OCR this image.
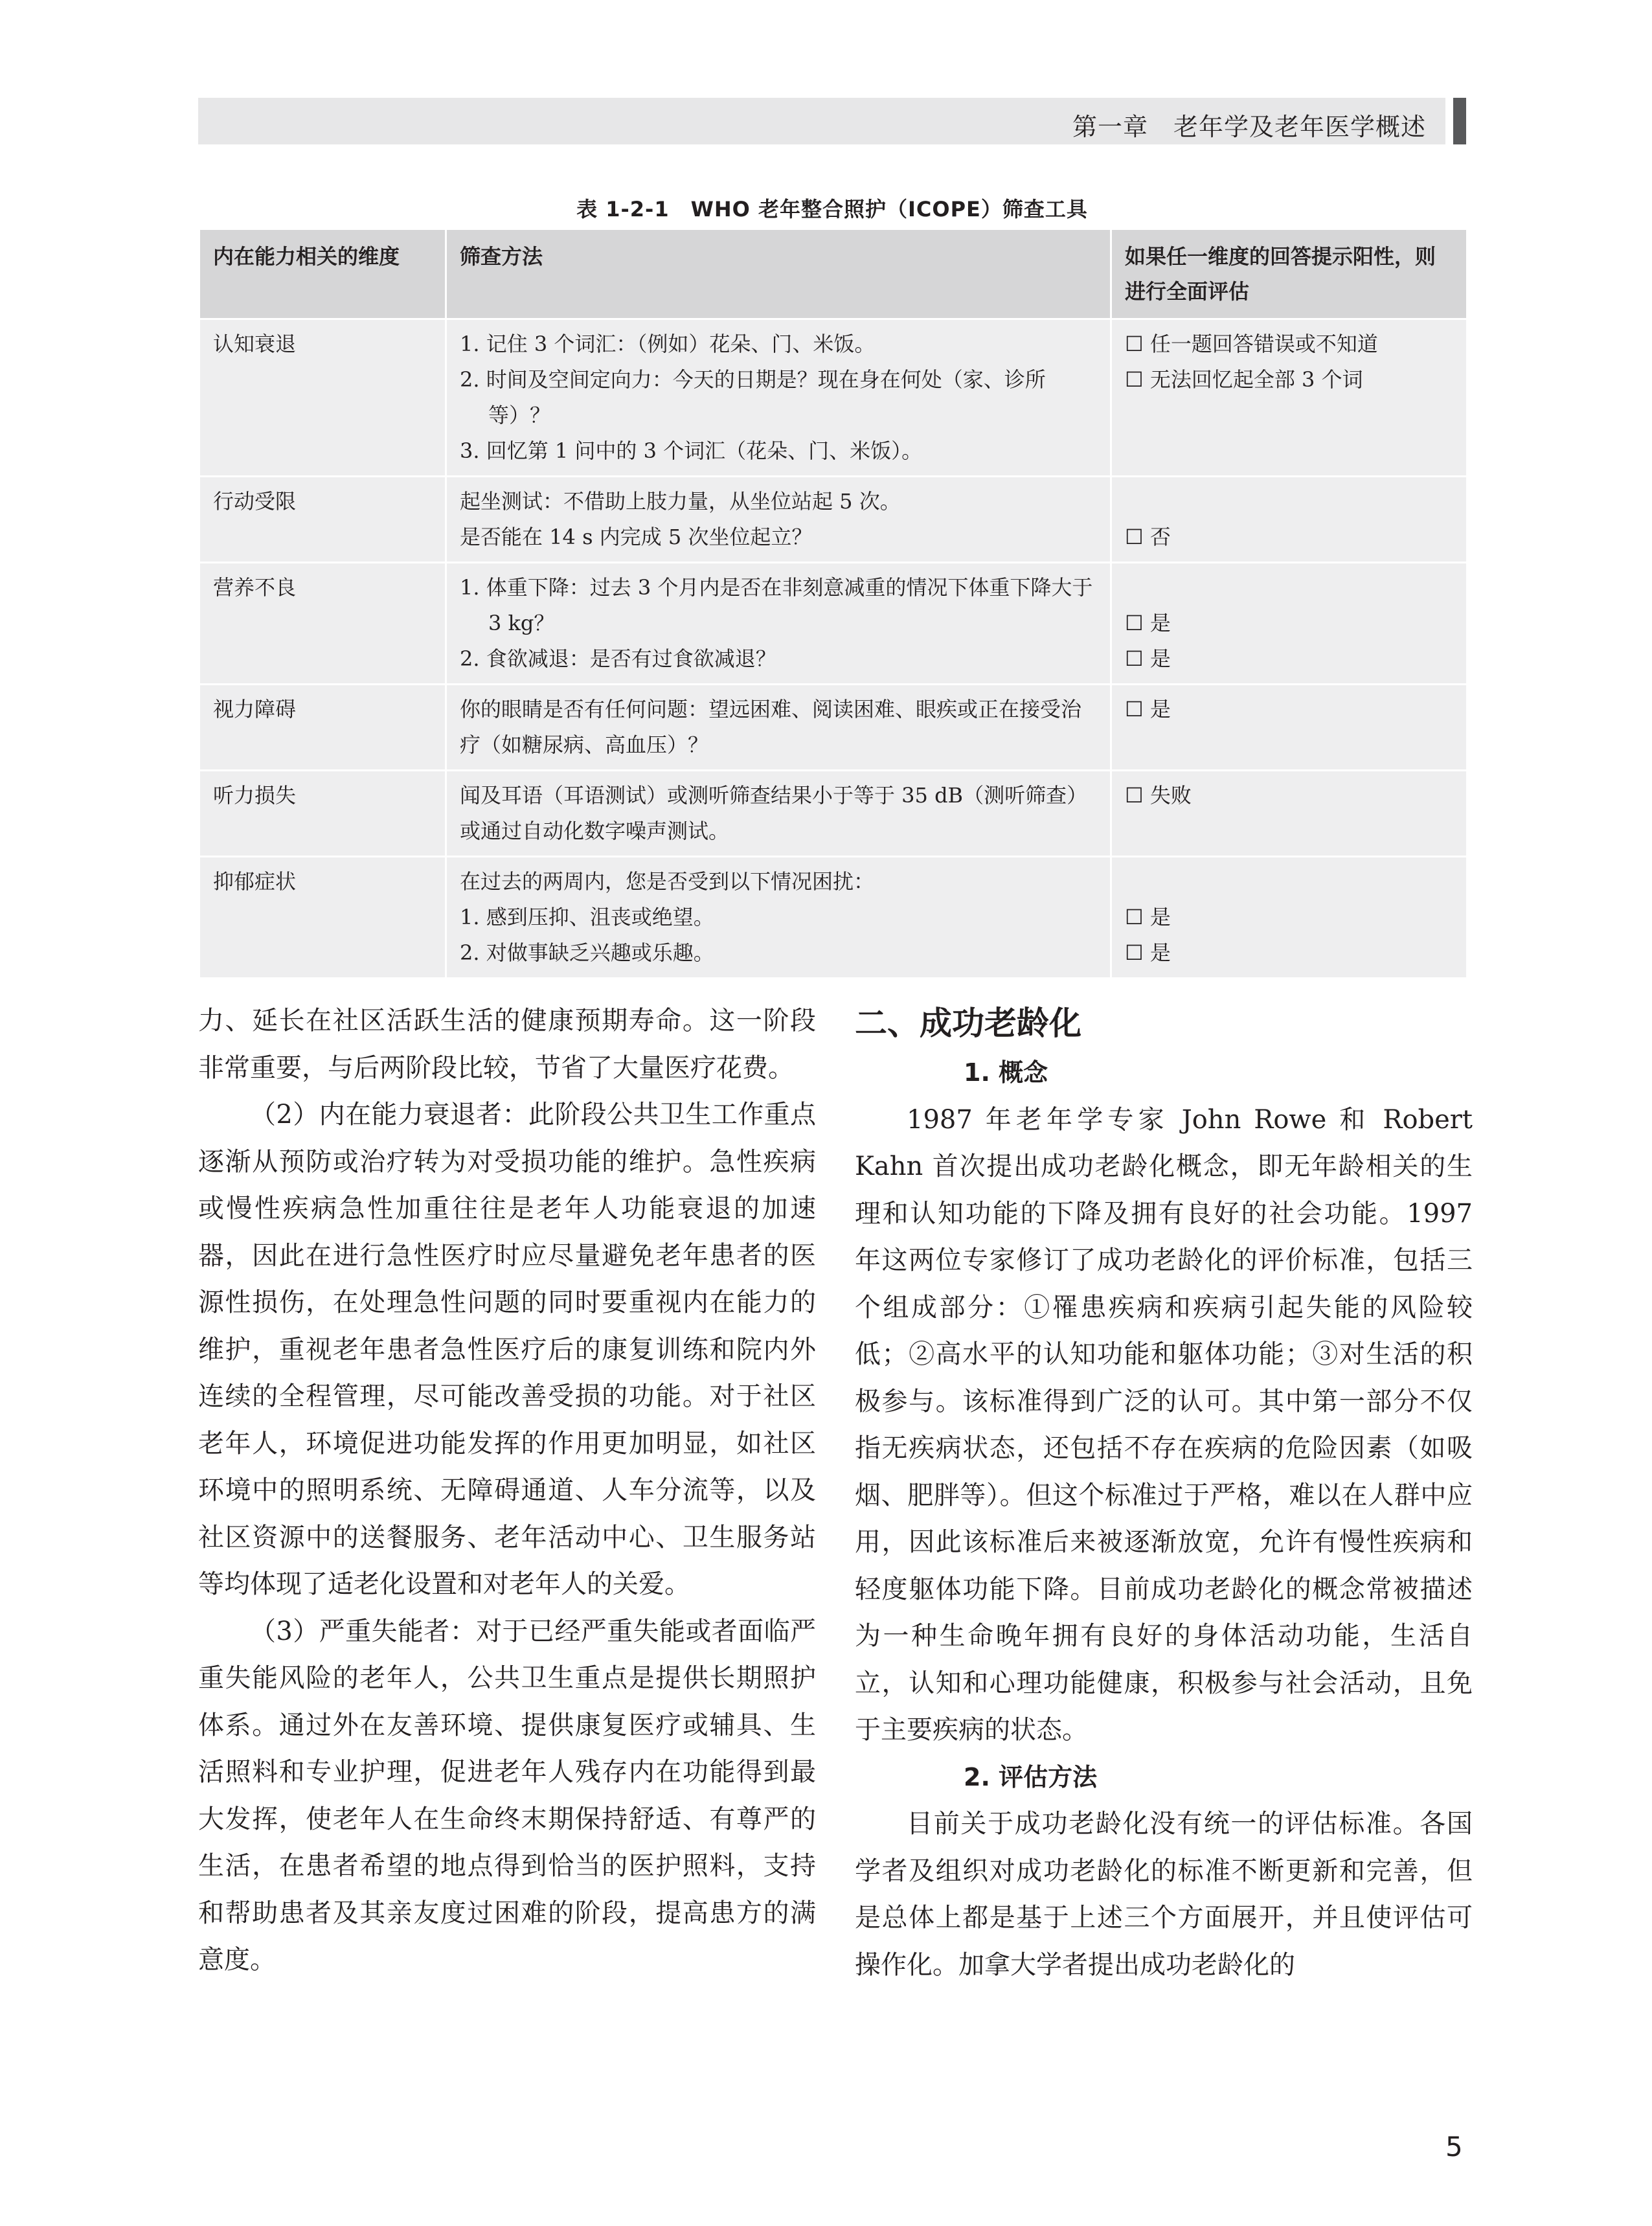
第一章　老年学及老年医学概述
表 1-2-1　WHO 老年整合照护（ICOPE）筛查工具
内在能力相关的维度	筛查方法	如果任一维度的回答提示阳性，则进行全面评估
认知衰退	1. 记住 3 个词汇：（例如）花朵、门、米饭。
2. 时间及空间定向力：今天的日期是？现在身在何处（家、诊所等）？
3. 回忆第 1 问中的 3 个词汇（花朵、门、米饭）。	☐ 任一题回答错误或不知道
☐ 无法回忆起全部 3 个词

行动受限	起坐测试：不借助上肢力量，从坐位站起 5 次。
是否能在 14 s 内完成 5 次坐位起立？	☐ 否

营养不良	1. 体重下降：过去 3 个月内是否在非刻意减重的情况下体重下降大于 3 kg？
2. 食欲减退：是否有过食欲减退？	☐ 是
☐ 是

视力障碍	你的眼睛是否有任何问题：望远困难、阅读困难、眼疾或正在接受治疗（如糖尿病、高血压）？	☐ 是

听力损失	闻及耳语（耳语测试）或测听筛查结果小于等于 35 dB（测听筛查）或通过自动化数字噪声测试。	☐ 失败

抑郁症状	在过去的两周内，您是否受到以下情况困扰：
1. 感到压抑、沮丧或绝望。
2. 对做事缺乏兴趣或乐趣。	☐ 是
☐ 是

力、延长在社区活跃生活的健康预期寿命。这一阶段非常重要，与后两阶段比较，节省了大量医疗花费。

（2）内在能力衰退者：此阶段公共卫生工作重点逐渐从预防或治疗转为对受损功能的维护。急性疾病或慢性疾病急性加重往往是老年人功能衰退的加速器，因此在进行急性医疗时应尽量避免老年患者的医源性损伤，在处理急性问题的同时要重视内在能力的维护，重视老年患者急性医疗后的康复训练和院内外连续的全程管理，尽可能改善受损的功能。对于社区老年人，环境促进功能发挥的作用更加明显，如社区环境中的照明系统、无障碍通道、人车分流等，以及社区资源中的送餐服务、老年活动中心、卫生服务站等均体现了适老化设置和对老年人的关爱。

（3）严重失能者：对于已经严重失能或者面临严重失能风险的老年人，公共卫生重点是提供长期照护体系。通过外在友善环境、提供康复医疗或辅具、生活照料和专业护理，促进老年人残存内在功能得到最大发挥，使老年人在生命终末期保持舒适、有尊严的生活，在患者希望的地点得到恰当的医护照料，支持和帮助患者及其亲友度过困难的阶段，提高患方的满意度。

二、成功老龄化

1. 概念

1987 年老年学专家 John Rowe 和 Robert Kahn 首次提出成功老龄化概念，即无年龄相关的生理和认知功能的下降及拥有良好的社会功能。1997 年这两位专家修订了成功老龄化的评价标准，包括三个组成部分：①罹患疾病和疾病引起失能的风险较低；②高水平的认知功能和躯体功能；③对生活的积极参与。该标准得到广泛的认可。其中第一部分不仅指无疾病状态，还包括不存在疾病的危险因素（如吸烟、肥胖等）。但这个标准过于严格，难以在人群中应用，因此该标准后来被逐渐放宽，允许有慢性疾病和轻度躯体功能下降。目前成功老龄化的概念常被描述为一种生命晚年拥有良好的身体活动功能，生活自立，认知和心理功能健康，积极参与社会活动，且免于主要疾病的状态。

2. 评估方法

目前关于成功老龄化没有统一的评估标准。各国学者及组织对成功老龄化的标准不断更新和完善，但是总体上都是基于上述三个方面展开，并且使评估可操作化。加拿大学者提出成功老龄化的

5
